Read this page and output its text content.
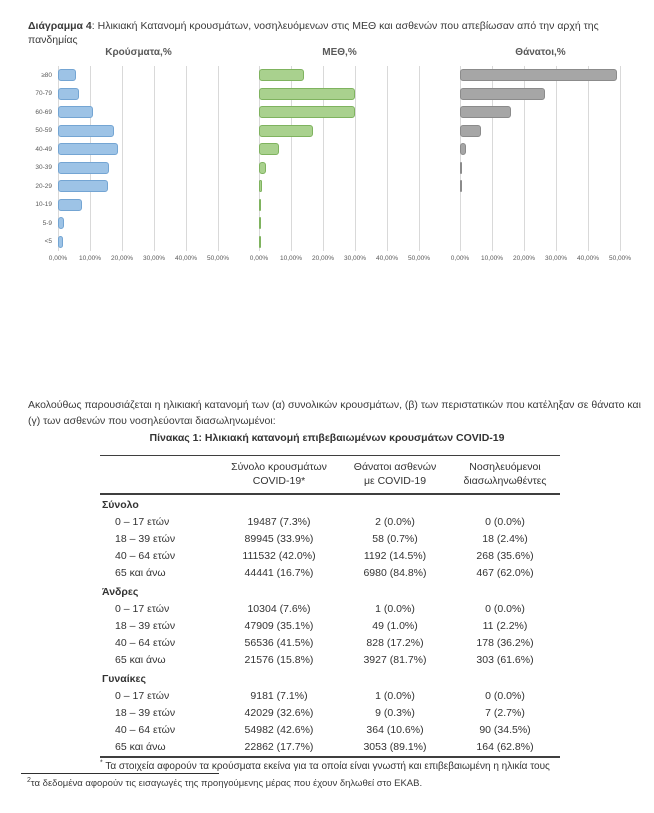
Διάγραμμα 4: Ηλικιακή Κατανομή κρουσμάτων, νοσηλευόμενων στις ΜΕΘ και ασθενών που απεβίωσαν από την αρχή της πανδημίας

Κρούσματα,%
0,00% 10,00% 20,00% 30,00% 40,00% 50,00%
≥80
70-79
60-69
50-59
40-49
30-39
20-29
10-19
5-9
<5
ΜΕΘ,%
0,00% 10,00% 20,00% 30,00% 40,00% 50,00%
Θάνατοι,%
0,00% 10,00% 20,00% 30,00% 40,00% 50,00%

Ακολούθως παρουσιάζεται η ηλικιακή κατανομή των (α) συνολικών κρουσμάτων, (β) των περιστατικών που κατέληξαν σε θάνατο και (γ) των ασθενών που νοσηλεύονται διασωληνωμένοι:

Πίνακας 1: Ηλικιακή κατανομή επιβεβαιωμένων κρουσμάτων COVID-19
	Σύνολο κρουσμάτων COVID-19*	Θάνατοι ασθενών με COVID-19	Νοσηλευόμενοι διασωληνωθέντες
Σύνολο			
0 – 17 ετών	19487 (7.3%)	2 (0.0%)	0 (0.0%)
18 – 39 ετών	89945 (33.9%)	58 (0.7%)	18 (2.4%)
40 – 64 ετών	111532 (42.0%)	1192 (14.5%)	268 (35.6%)
65 και άνω	44441 (16.7%)	6980 (84.8%)	467 (62.0%)
Άνδρες			
0 – 17 ετών	10304 (7.6%)	1 (0.0%)	0 (0.0%)
18 – 39 ετών	47909 (35.1%)	49 (1.0%)	11 (2.2%)
40 – 64 ετών	56536 (41.5%)	828 (17.2%)	178 (36.2%)
65 και άνω	21576 (15.8%)	3927 (81.7%)	303 (61.6%)
Γυναίκες			
0 – 17 ετών	9181 (7.1%)	1 (0.0%)	0 (0.0%)
18 – 39 ετών	42029 (32.6%)	9 (0.3%)	7 (2.7%)
40 – 64 ετών	54982 (42.6%)	364 (10.6%)	90 (34.5%)
65 και άνω	22862 (17.7%)	3053 (89.1%)	164 (62.8%)

* Τα στοιχεία αφορούν τα κρούσματα εκείνα για τα οποία είναι γνωστή και επιβεβαιωμένη η ηλικία τους

$^2$τα δεδομένα αφορούν τις εισαγωγές της προηγούμενης μέρας που έχουν δηλωθεί στο ΕΚΑΒ.
